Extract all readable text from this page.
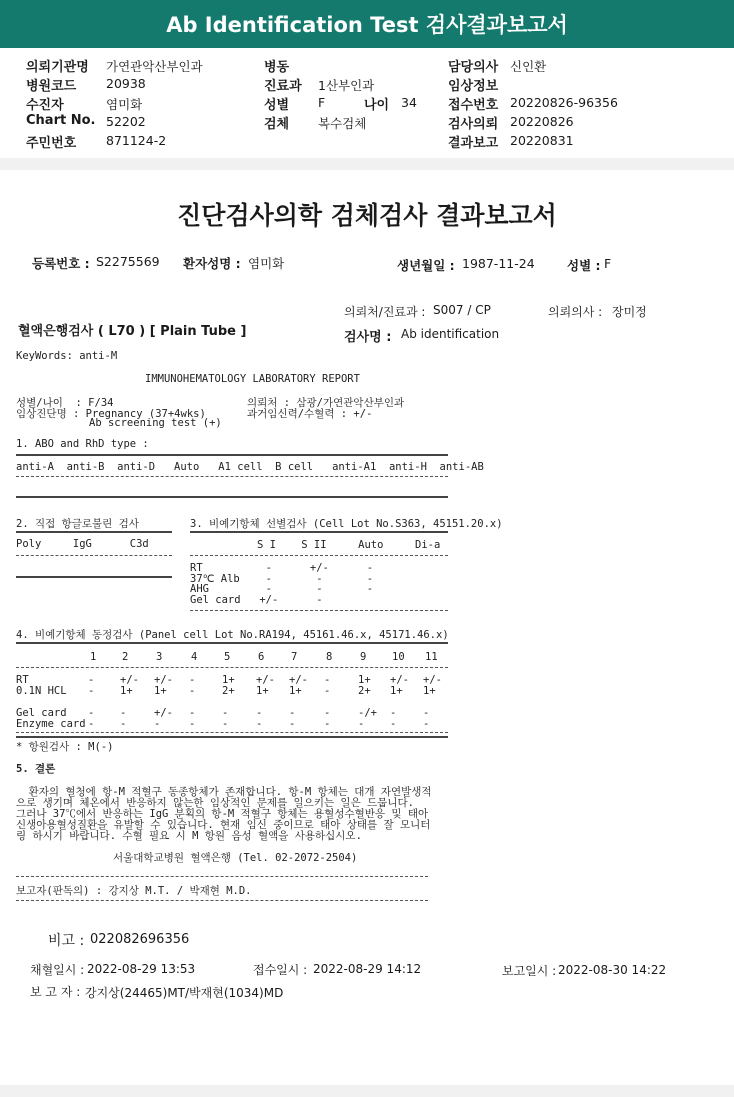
Ab Identification Test 검사결과보고서
의뢰기관명 가연관악산부인과
병원코드 20938
수진자	염미화
Chart No. 52202
주민번호 871124-2
병동
진료과 1산부인과
성별 F
검체 복수검체
나이 34
담당의사 신인환
임상정보
접수번호 20220826-96356
검사의뢰 20220826
결과보고 20220831
진단검사의학 검체검사 결과보고서
등록번호 : S2275569 환자성명 : 염미화	생년월일 : 1987-11-24	성별 : F
의뢰처/진료과 : S007 / CP	의뢰의사 : 장미정
혈액은행검사 ( L70 ) [ Plain Tube ]	검사명 : Ab identification
KeyWords: anti-M
IMMUNOHEMATOLOGY LABORATORY REPORT
성별/나이  : F/34
임상진단명 : Pregnancy (37+4wks)
Ab screening test (+)
의뢰처 : 삼광/가연관악산부인과
과거임신력/수혈력 : +/-
1. ABO and RhD type :
anti-A  anti-B  anti-D   Auto   A1 cell  B cell   anti-A1  anti-H  anti-AB
2. 직접 항글로불린 검사	3. 비예기항체 선별검사 (Cell Lot No.S363, 45151.20.x)
Poly     IgG      C3d	S I    S II     Auto     Di-a
RT	-      +/-      -
37℃ Alb -       -       -
AHG	-       -       -
Gel card +/-      -
4. 비예기항체 동정검사 (Panel cell Lot No.RA194, 45161.46.x, 45171.46.x)
1 2	3	4	5	6	7	8	9 10 11
RT	- +/- +/- -	1+ +/- +/- -	1+ +/- +/-
0.1N HCL - 1+ 1+ -	2+ 1+ 1+ -	2+ 1+ 1+
Gel card - -	+/- -	-	-	-	-	-/+ -	-
Enzyme card - -	-	-	-	-	-	-	- -	-
* 항원검사 : M(-)
5. 결론
환자의 혈청에 항-M 적혈구 동종항체가 존재합니다. 항-M 항체는 대개 자연발생적
으로 생기며 체온에서 반응하지 않는한 임상적인 문제를 일으키는 일은 드뭅니다.
그러나 37℃에서 반응하는 IgG 분획의 항-M 적혈구 항체는 용혈성수혈반응 및 태아
신생아용혈성질환을 유발할 수 있습니다. 현재 임신 중이므로 태아 상태를 잘 모니터
링 하시기 바랍니다. 수혈 필요 시 M 항원 음성 혈액을 사용하십시오.
서울대학교병원 혈액은행 (Tel. 02-2072-2504)
보고자(판독의) : 강지상 M.T. / 박재현 M.D.
비고 : 022082696356
채혈일시 : 2022-08-29 13:53	접수일시 : 2022-08-29 14:12	보고일시 : 2022-08-30 14:22
보 고 자 : 강지상(24465)MT/박재현(1034)MD
